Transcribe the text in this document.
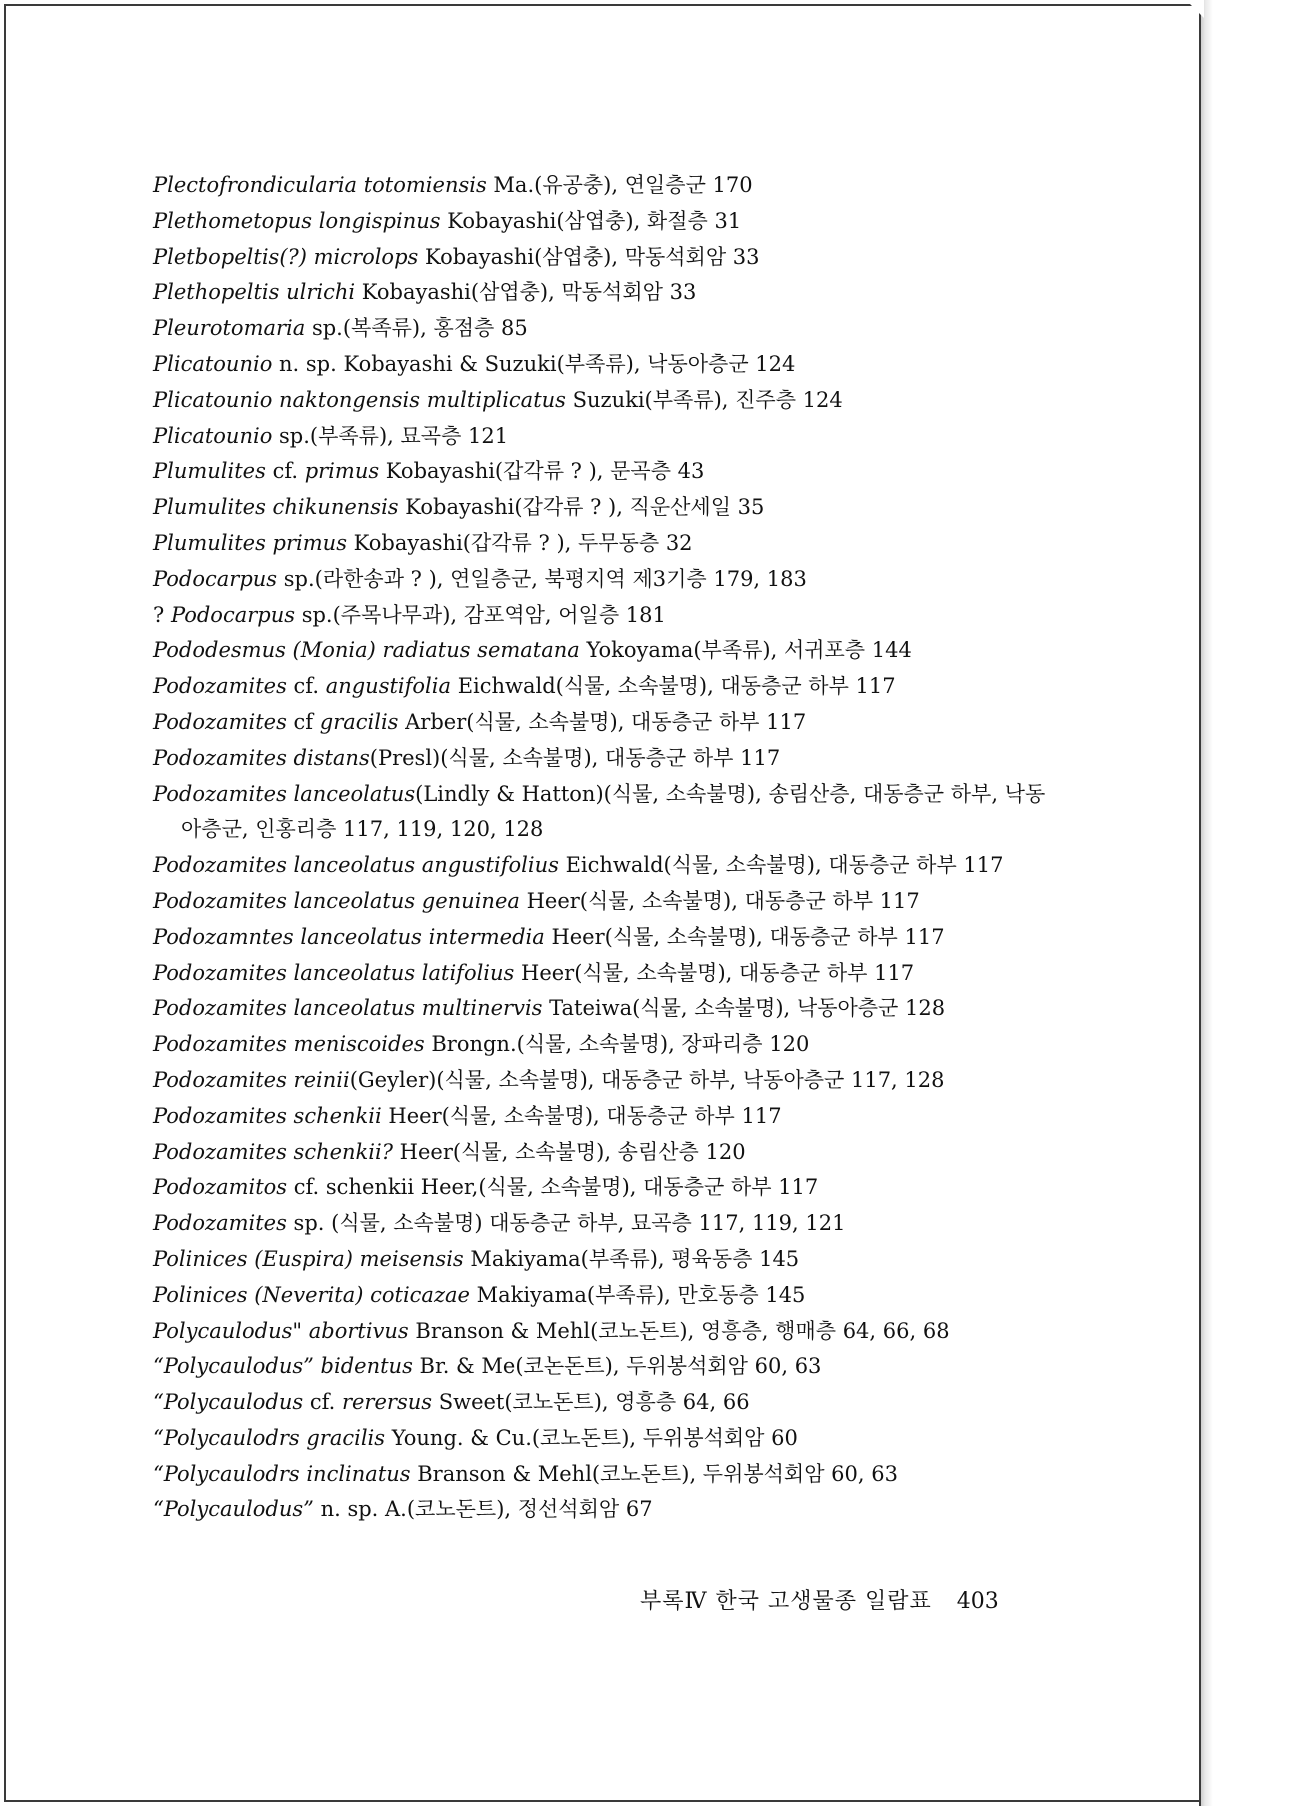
Plectofrondicularia totomiensis Ma.(유공충), 연일층군 170
Plethometopus longispinus Kobayashi(삼엽충), 화절층 31
Pletbopeltis(?) microlops Kobayashi(삼엽충), 막동석회암 33
Plethopeltis ulrichi Kobayashi(삼엽충), 막동석회암 33
Pleurotomaria sp.(복족류), 홍점층 85
Plicatounio n. sp. Kobayashi & Suzuki(부족류), 낙동아층군 124
Plicatounio naktongensis multiplicatus Suzuki(부족류), 진주층 124
Plicatounio sp.(부족류), 묘곡층 121
Plumulites cf. primus Kobayashi(갑각류 ? ), 문곡층 43
Plumulites chikunensis Kobayashi(갑각류 ? ), 직운산세일 35
Plumulites primus Kobayashi(갑각류 ? ), 두무동층 32
Podocarpus sp.(라한송과 ? ), 연일층군, 북평지역 제3기층 179, 183
? Podocarpus sp.(주목나무과), 감포역암, 어일층 181
Pododesmus (Monia) radiatus sematana Yokoyama(부족류), 서귀포층 144
Podozamites cf. angustifolia Eichwald(식물, 소속불명), 대동층군 하부 117
Podozamites cf gracilis Arber(식물, 소속불명), 대동층군 하부 117
Podozamites distans(Presl)(식물, 소속불명), 대동층군 하부 117
Podozamites lanceolatus(Lindly & Hatton)(식물, 소속불명), 송림산층, 대동층군 하부, 낙동아층군, 인홍리층 117, 119, 120, 128
Podozamites lanceolatus angustifolius Eichwald(식물, 소속불명), 대동층군 하부 117
Podozamites lanceolatus genuinea Heer(식물, 소속불명), 대동층군 하부 117
Podozamntes lanceolatus intermedia Heer(식물, 소속불명), 대동층군 하부 117
Podozamites lanceolatus latifolius Heer(식물, 소속불명), 대동층군 하부 117
Podozamites lanceolatus multinervis Tateiwa(식물, 소속불명), 낙동아층군 128
Podozamites meniscoides Brongn.(식물, 소속불명), 장파리층 120
Podozamites reinii(Geyler)(식물, 소속불명), 대동층군 하부, 낙동아층군 117, 128
Podozamites schenkii Heer(식물, 소속불명), 대동층군 하부 117
Podozamites schenkii? Heer(식물, 소속불명), 송림산층 120
Podozamitos cf. schenkii Heer,(식물, 소속불명), 대동층군 하부 117
Podozamites sp. (식물, 소속불명) 대동층군 하부, 묘곡층 117, 119, 121
Polinices (Euspira) meisensis Makiyama(부족류), 평육동층 145
Polinices (Neverita) coticazae Makiyama(부족류), 만호동층 145
Polycaulodus" abortivus Branson & Mehl(코노돈트), 영흥층, 행매층 64, 66, 68
“Polycaulodus” bidentus Br. & Me(코논돈트), 두위봉석회암 60, 63
“Polycaulodus cf. rerersus Sweet(코노돈트), 영흥층 64, 66
“Polycaulodrs gracilis Young. & Cu.(코노돈트), 두위봉석회암 60
“Polycaulodrs inclinatus Branson & Mehl(코노돈트), 두위봉석회암 60, 63
“Polycaulodus” n. sp. A.(코노돈트), 정선석회암 67
부록Ⅳ 한국 고생물종 일람표 403
